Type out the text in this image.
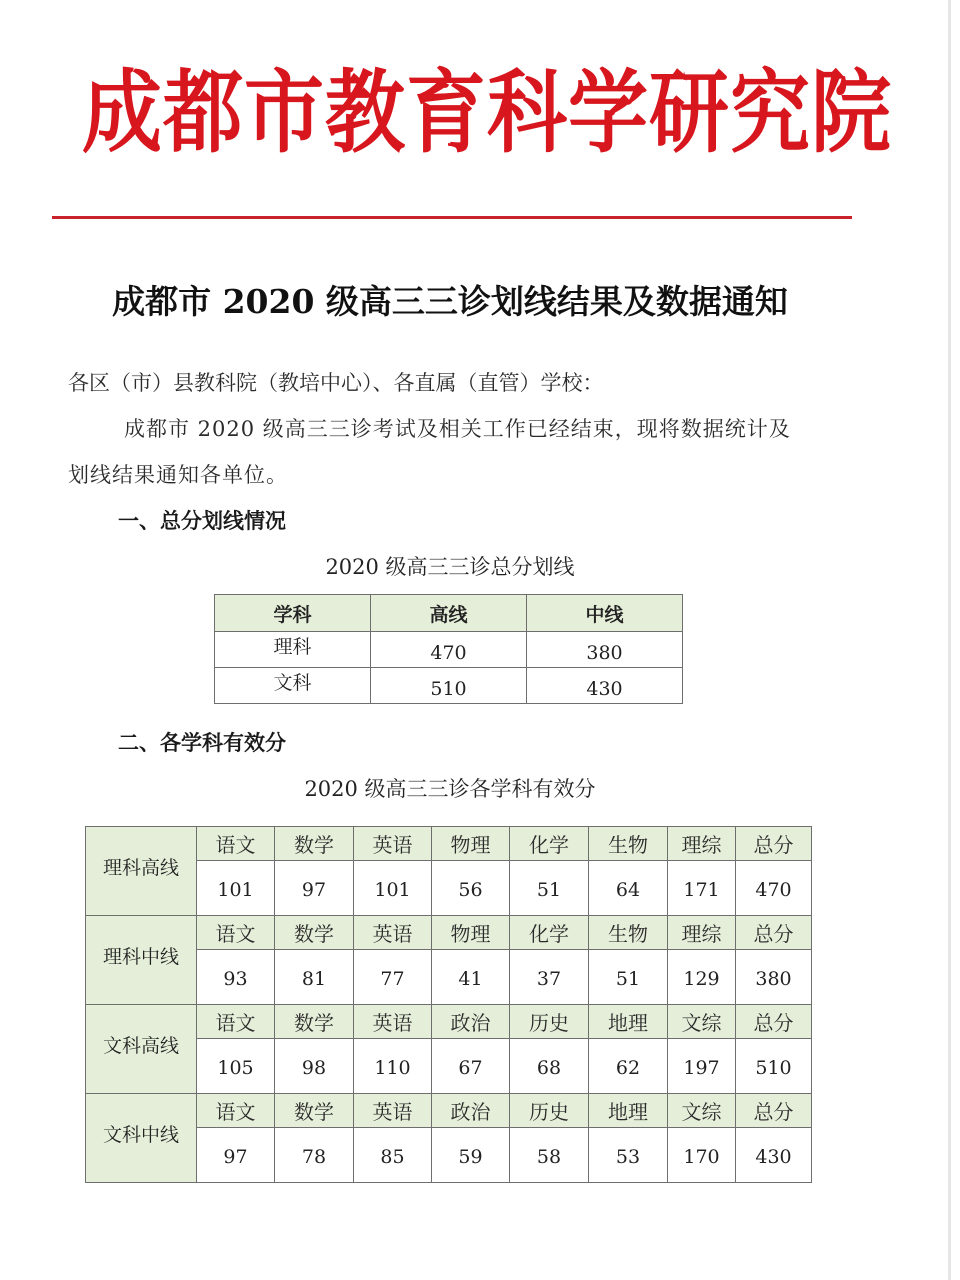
成都市教育科学研究院
成都市 2020 级高三三诊划线结果及数据通知
各区（市）县教科院（教培中心）、各直属（直管）学校：
成都市 2020 级高三三诊考试及相关工作已经结束，现将数据统计及
划线结果通知各单位。
一、总分划线情况
2020 级高三三诊总分划线
学科	高线	中线
理科	470	380
文科	510	430
二、各学科有效分
2020 级高三三诊各学科有效分
理科高线	语文	数学	英语	物理	化学	生物	理综	总分
	101	97	101	56	51	64	171	470
理科中线	语文	数学	英语	物理	化学	生物	理综	总分
	93	81	77	41	37	51	129	380
文科高线	语文	数学	英语	政治	历史	地理	文综	总分
	105	98	110	67	68	62	197	510
文科中线	语文	数学	英语	政治	历史	地理	文综	总分
	97	78	85	59	58	53	170	430
